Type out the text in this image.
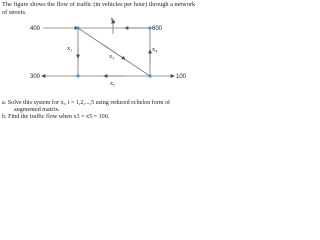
The figure shows the flow of traffic (in vehicles per hour) through a network of streets.

x₁
x₂
x₃
x₄
x₅
400	600
300	100

a. Solve this system for xᵢ, i = 1,2,...,5 using reduced echelon form of

augmented matrix.

b. Find the traffic flow when x3 = x5 = 100.
